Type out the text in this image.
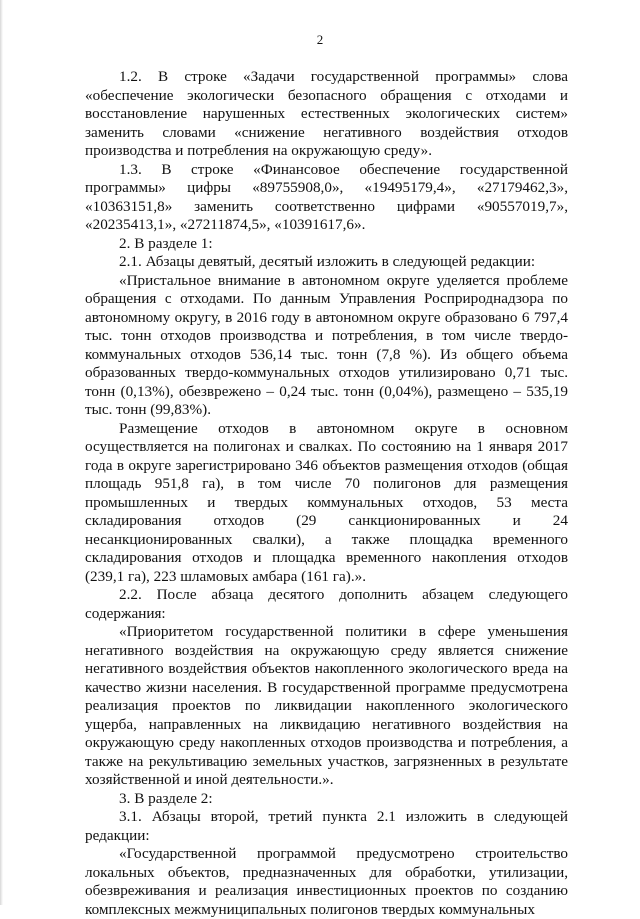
2

1.2. В строке «Задачи государственной программы» слова «обеспечение экологически безопасного обращения с отходами и восстановление нарушенных естественных экологических систем» заменить словами «снижение негативного воздействия отходов производства и потребления на окружающую среду».

1.3. В строке «Финансовое обеспечение государственной программы» цифры «89755908,0», «19495179,4», «27179462,3», «10363151,8» заменить соответственно цифрами «90557019,7», «20235413,1», «27211874,5», «10391617,6».

2. В разделе 1:

2.1. Абзацы девятый, десятый изложить в следующей редакции:

«Пристальное внимание в автономном округе уделяется проблеме обращения с отходами. По данным Управления Росприроднадзора по автономному округу, в 2016 году в автономном округе образовано 6 797,4 тыс. тонн отходов производства и потребления, в том числе твердо-коммунальных отходов 536,14 тыс. тонн (7,8 %). Из общего объема образованных твердо-коммунальных отходов утилизировано 0,71 тыс. тонн (0,13%), обезврежено – 0,24 тыс. тонн (0,04%), размещено – 535,19 тыс. тонн (99,83%).

Размещение отходов в автономном округе в основном осуществляется на полигонах и свалках. По состоянию на 1 января 2017 года в округе зарегистрировано 346 объектов размещения отходов (общая площадь 951,8 га), в том числе 70 полигонов для размещения промышленных и твердых коммунальных отходов, 53 места складирования отходов (29 санкционированных и 24 несанкционированных свалки), а также площадка временного складирования отходов и площадка временного накопления отходов (239,1 га), 223 шламовых амбара (161 га).».

2.2. После абзаца десятого дополнить абзацем следующего содержания:

«Приоритетом государственной политики в сфере уменьшения негативного воздействия на окружающую среду является снижение негативного воздействия объектов накопленного экологического вреда на качество жизни населения. В государственной программе предусмотрена реализация проектов по ликвидации накопленного экологического ущерба, направленных на ликвидацию негативного воздействия на окружающую среду накопленных отходов производства и потребления, а также на рекультивацию земельных участков, загрязненных в результате хозяйственной и иной деятельности.».

3. В разделе 2:

3.1. Абзацы второй, третий пункта 2.1 изложить в следующей редакции:

«Государственной программой предусмотрено строительство локальных объектов, предназначенных для обработки, утилизации, обезвреживания и реализация инвестиционных проектов по созданию комплексных межмуниципальных полигонов твердых коммунальных
